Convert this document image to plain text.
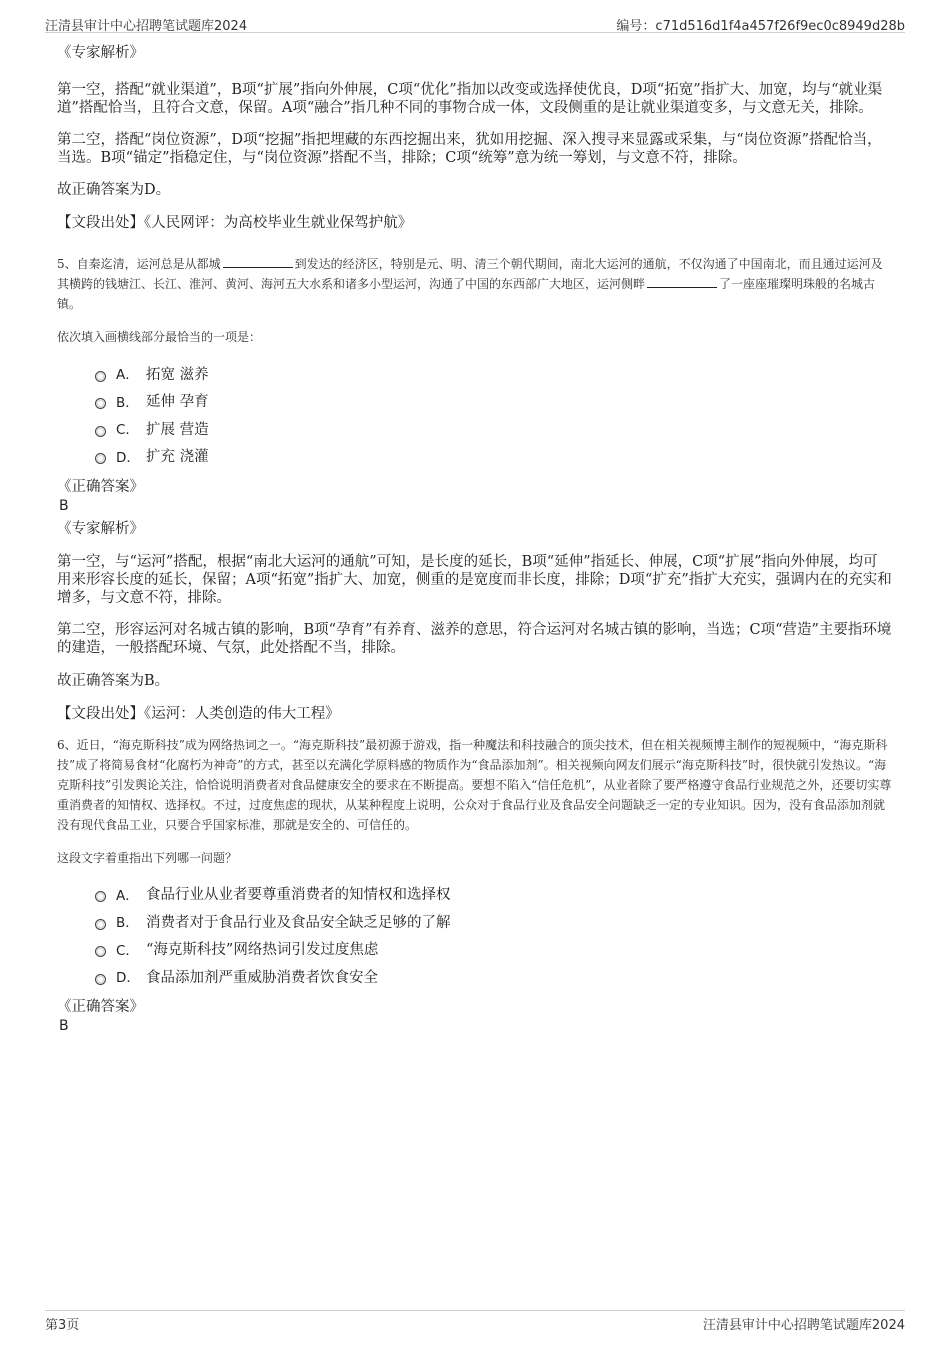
汪清县审计中心招聘笔试题库2024	编号：c71d516d1f4a457f26f9ec0c8949d28b
《专家解析》

第一空，搭配“就业渠道”，B项“扩展”指向外伸展，C项“优化”指加以改变或选择使优良，D项“拓宽”指扩大、加宽，均与“就业渠道”搭配恰当，且符合文意，保留。A项“融合”指几种不同的事物合成一体，文段侧重的是让就业渠道变多，与文意无关，排除。

第二空，搭配“岗位资源”，D项“挖掘”指把埋藏的东西挖掘出来，犹如用挖掘、深入搜寻来显露或采集，与“岗位资源”搭配恰当，当选。B项“锚定”指稳定住，与“岗位资源”搭配不当，排除；C项“统筹”意为统一筹划，与文意不符，排除。

故正确答案为D。

【文段出处】《人民网评：为高校毕业生就业保驾护航》

5、自秦迄清，运河总是从都城	到发达的经济区，特别是元、明、清三个朝代期间，南北大运河的通航，不仅沟通了中国南北，而且通过运河及其横跨的钱塘江、长江、淮河、黄河、海河五大水系和诸多小型运河，沟通了中国的东西部广大地区，运河侧畔	了一座座璀璨明珠般的名城古镇。

依次填入画横线部分最恰当的一项是：

A． 拓宽 滋养
B． 延伸 孕育
C． 扩展 营造
D． 扩充 浇灌
《正确答案》
B
《专家解析》

第一空，与“运河”搭配，根据“南北大运河的通航”可知，是长度的延长，B项“延伸”指延长、伸展，C项“扩展”指向外伸展，均可用来形容长度的延长，保留；A项“拓宽”指扩大、加宽，侧重的是宽度而非长度，排除；D项“扩充”指扩大充实，强调内在的充实和增多，与文意不符，排除。

第二空，形容运河对名城古镇的影响，B项“孕育”有养育、滋养的意思，符合运河对名城古镇的影响，当选；C项“营造”主要指环境的建造，一般搭配环境、气氛，此处搭配不当，排除。

故正确答案为B。

【文段出处】《运河：人类创造的伟大工程》

6、近日，“海克斯科技”成为网络热词之一。“海克斯科技”最初源于游戏，指一种魔法和科技融合的顶尖技术，但在相关视频博主制作的短视频中，“海克斯科技”成了将简易食材“化腐朽为神奇”的方式，甚至以充满化学原料感的物质作为“食品添加剂”。相关视频向网友们展示“海克斯科技”时，很快就引发热议。“海克斯科技”引发舆论关注，恰恰说明消费者对食品健康安全的要求在不断提高。要想不陷入“信任危机”，从业者除了要严格遵守食品行业规范之外，还要切实尊重消费者的知情权、选择权。不过，过度焦虑的现状，从某种程度上说明，公众对于食品行业及食品安全问题缺乏一定的专业知识。因为，没有食品添加剂就没有现代食品工业，只要合乎国家标准，那就是安全的、可信任的。

这段文字着重指出下列哪一问题？

A． 食品行业从业者要尊重消费者的知情权和选择权
B． 消费者对于食品行业及食品安全缺乏足够的了解
C． “海克斯科技”网络热词引发过度焦虑
D． 食品添加剂严重威胁消费者饮食安全
《正确答案》
B
第3页	汪清县审计中心招聘笔试题库2024
